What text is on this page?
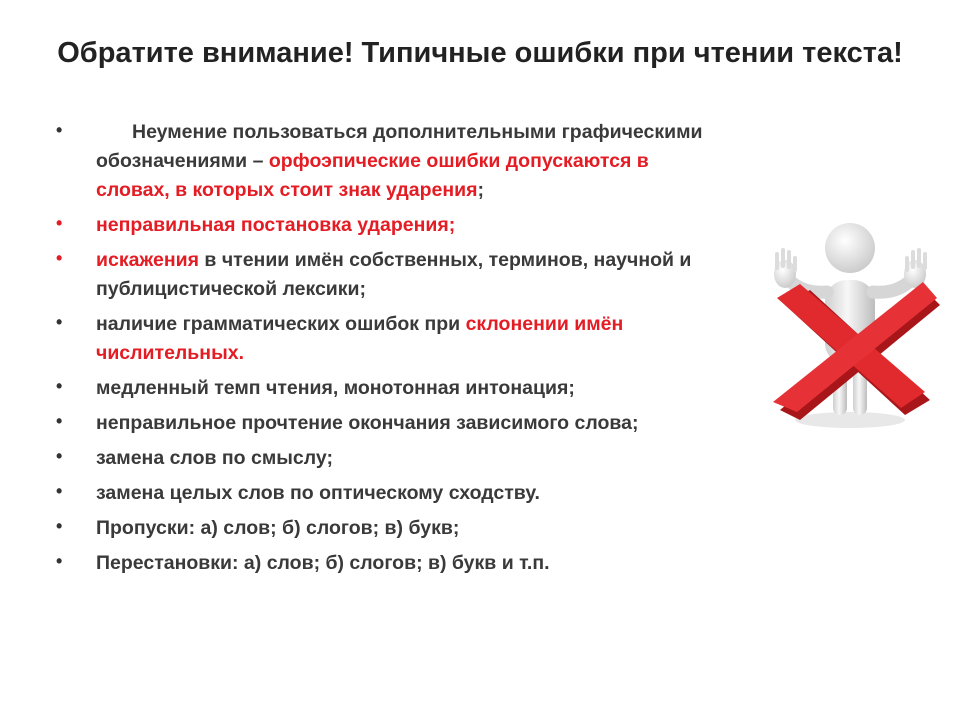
Обратите внимание! Типичные ошибки при чтении текста!
•	Неумение пользоваться дополнительными графическими обозначениями – орфоэпические ошибки допускаются в словах, в которых стоит знак ударения;
• неправильная постановка ударения;
• искажения в чтении имён собственных, терминов, научной и публицистической лексики;
• наличие грамматических ошибок при склонении имён числительных.
• медленный темп чтения, монотонная интонация;
• неправильное прочтение окончания зависимого слова;
• замена слов по смыслу;
• замена целых слов по оптическому сходству.
• Пропуски: а) слов; б) слогов; в) букв;
• Перестановки: а) слов; б) слогов; в) букв и т.п.
